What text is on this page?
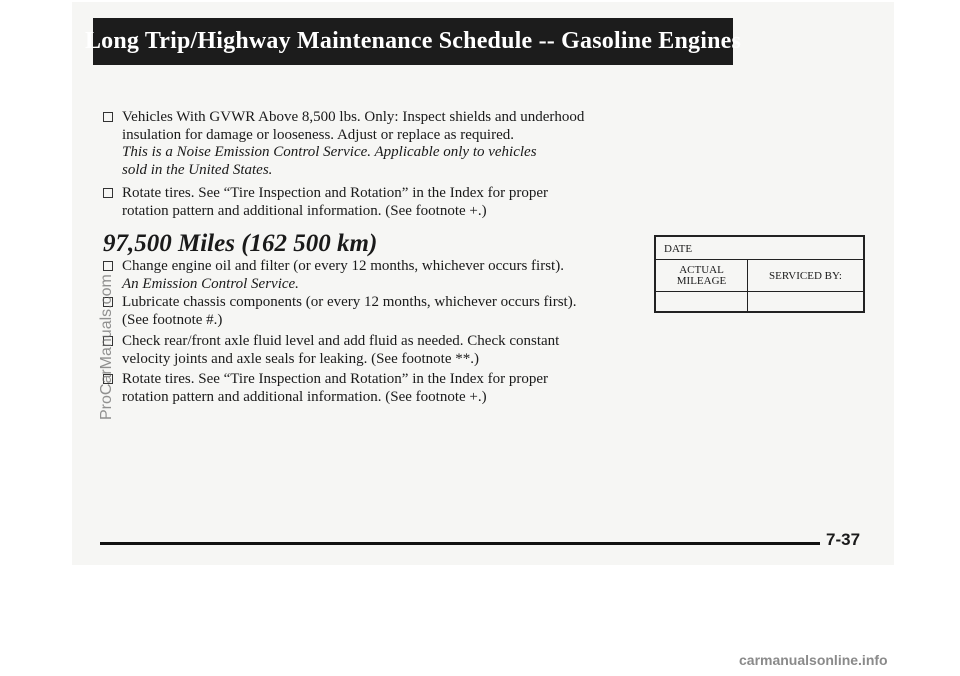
Long Trip/Highway Maintenance Schedule -- Gasoline Engines
Vehicles With GVWR Above 8,500 lbs. Only: Inspect shields and underhood
insulation for damage or looseness. Adjust or replace as required.
This is a Noise Emission Control Service. Applicable only to vehicles
sold in the United States.
Rotate tires. See “Tire Inspection and Rotation” in the Index for proper
rotation pattern and additional information. (See footnote +.)
97,500 Miles (162 500 km)
Change engine oil and filter (or every 12 months, whichever occurs first).
An Emission Control Service.
Lubricate chassis components (or every 12 months, whichever occurs first).
(See footnote #.)
Check rear/front axle fluid level and add fluid as needed. Check constant
velocity joints and axle seals for leaking. (See footnote **.)
Rotate tires. See “Tire Inspection and Rotation” in the Index for proper
rotation pattern and additional information. (See footnote +.)
DATE
ACTUAL
MILEAGE	SERVICED BY:
7-37
ProCarManuals.com
carmanualsonline.info
